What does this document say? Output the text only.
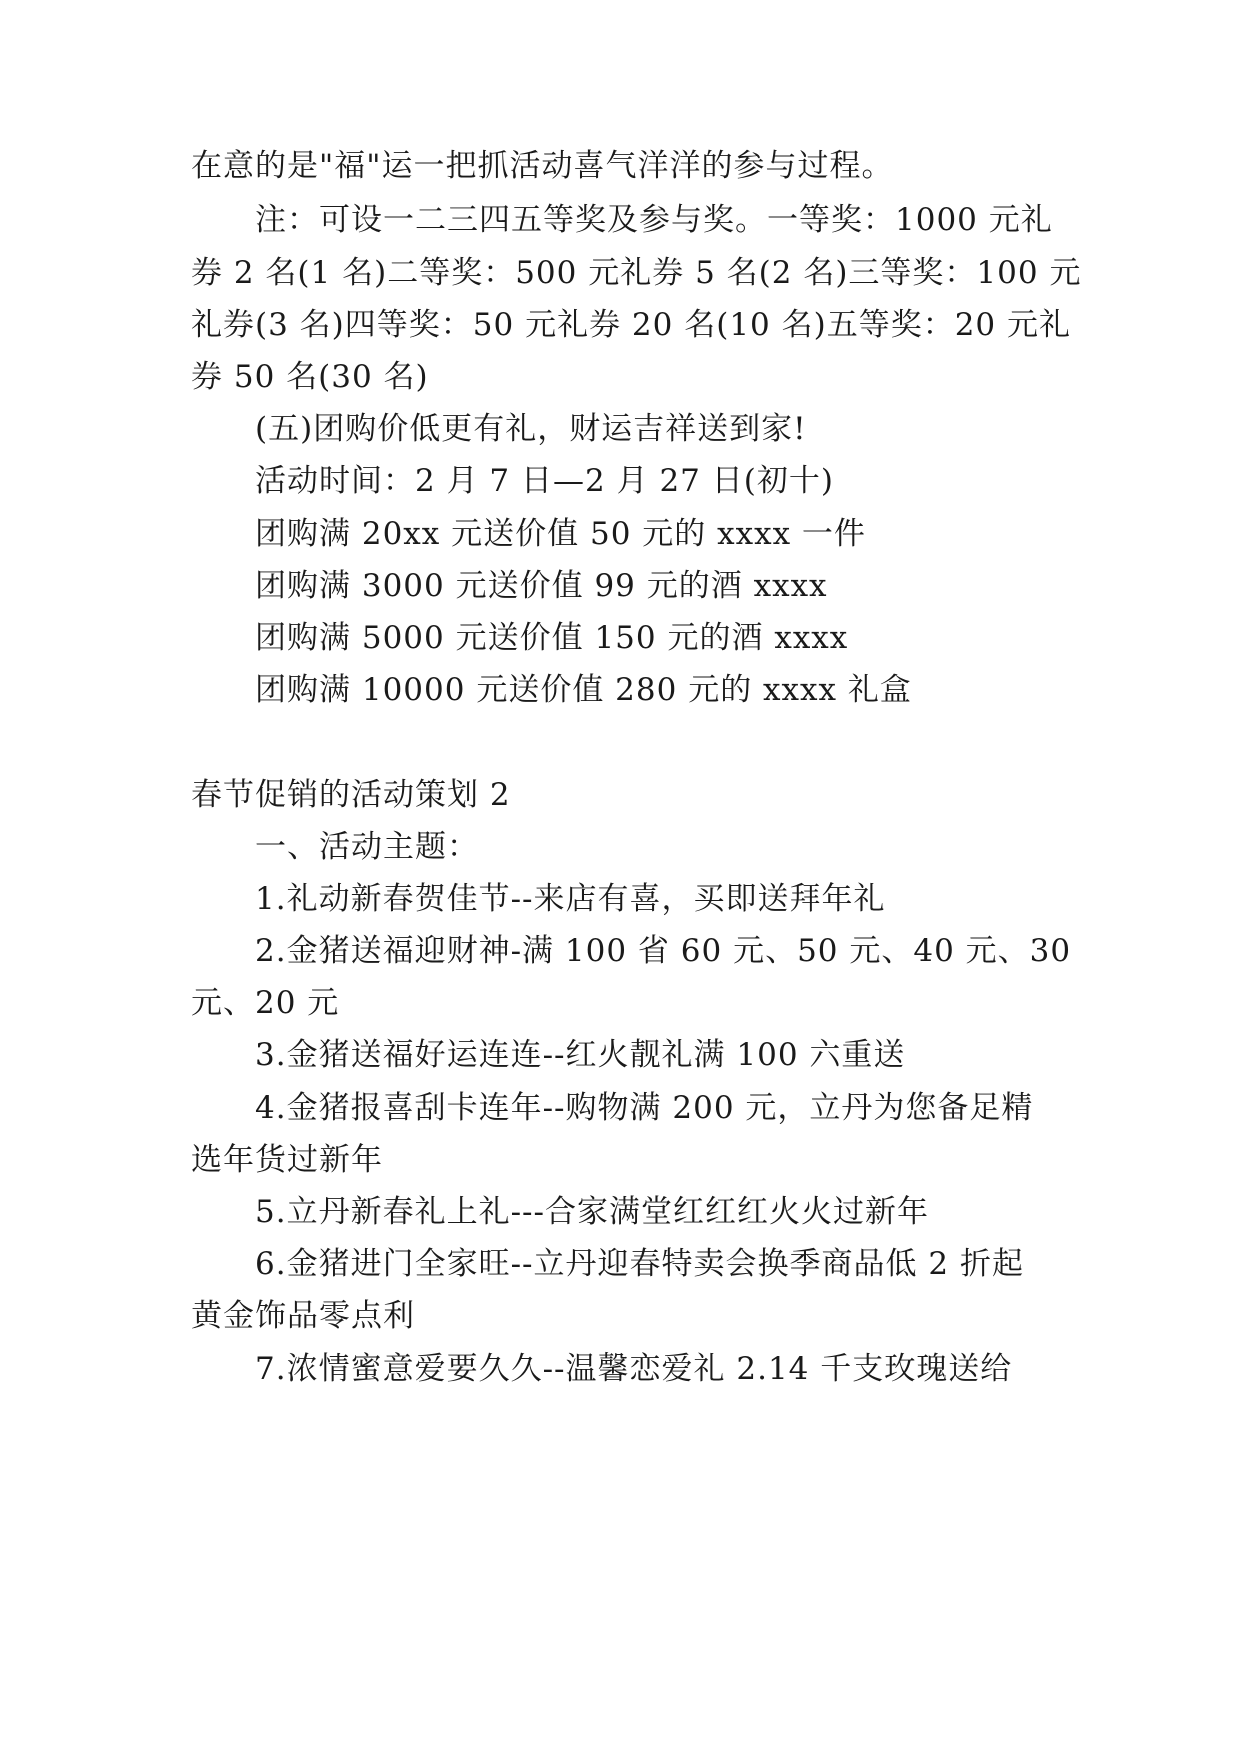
在意的是"福"运一把抓活动喜气洋洋的参与过程。
注：可设一二三四五等奖及参与奖。一等奖：1000 元礼
券 2 名(1 名)二等奖：500 元礼券 5 名(2 名)三等奖：100 元
礼券(3 名)四等奖：50 元礼券 20 名(10 名)五等奖：20 元礼
券 50 名(30 名)
(五)团购价低更有礼，财运吉祥送到家!
活动时间：2 月 7 日—2 月 27 日(初十)
团购满 20xx 元送价值 50 元的 xxxx 一件
团购满 3000 元送价值 99 元的酒 xxxx
团购满 5000 元送价值 150 元的酒 xxxx
团购满 10000 元送价值 280 元的 xxxx 礼盒
春节促销的活动策划 2
一、活动主题：
1.礼动新春贺佳节--来店有喜，买即送拜年礼
2.金猪送福迎财神-满 100 省 60 元、50 元、40 元、30
元、20 元
3.金猪送福好运连连--红火靓礼满 100 六重送
4.金猪报喜刮卡连年--购物满 200 元，立丹为您备足精
选年货过新年
5.立丹新春礼上礼---合家满堂红红红火火过新年
6.金猪进门全家旺--立丹迎春特卖会换季商品低 2 折起
黄金饰品零点利
7.浓情蜜意爱要久久--温馨恋爱礼 2.14 千支玫瑰送给
